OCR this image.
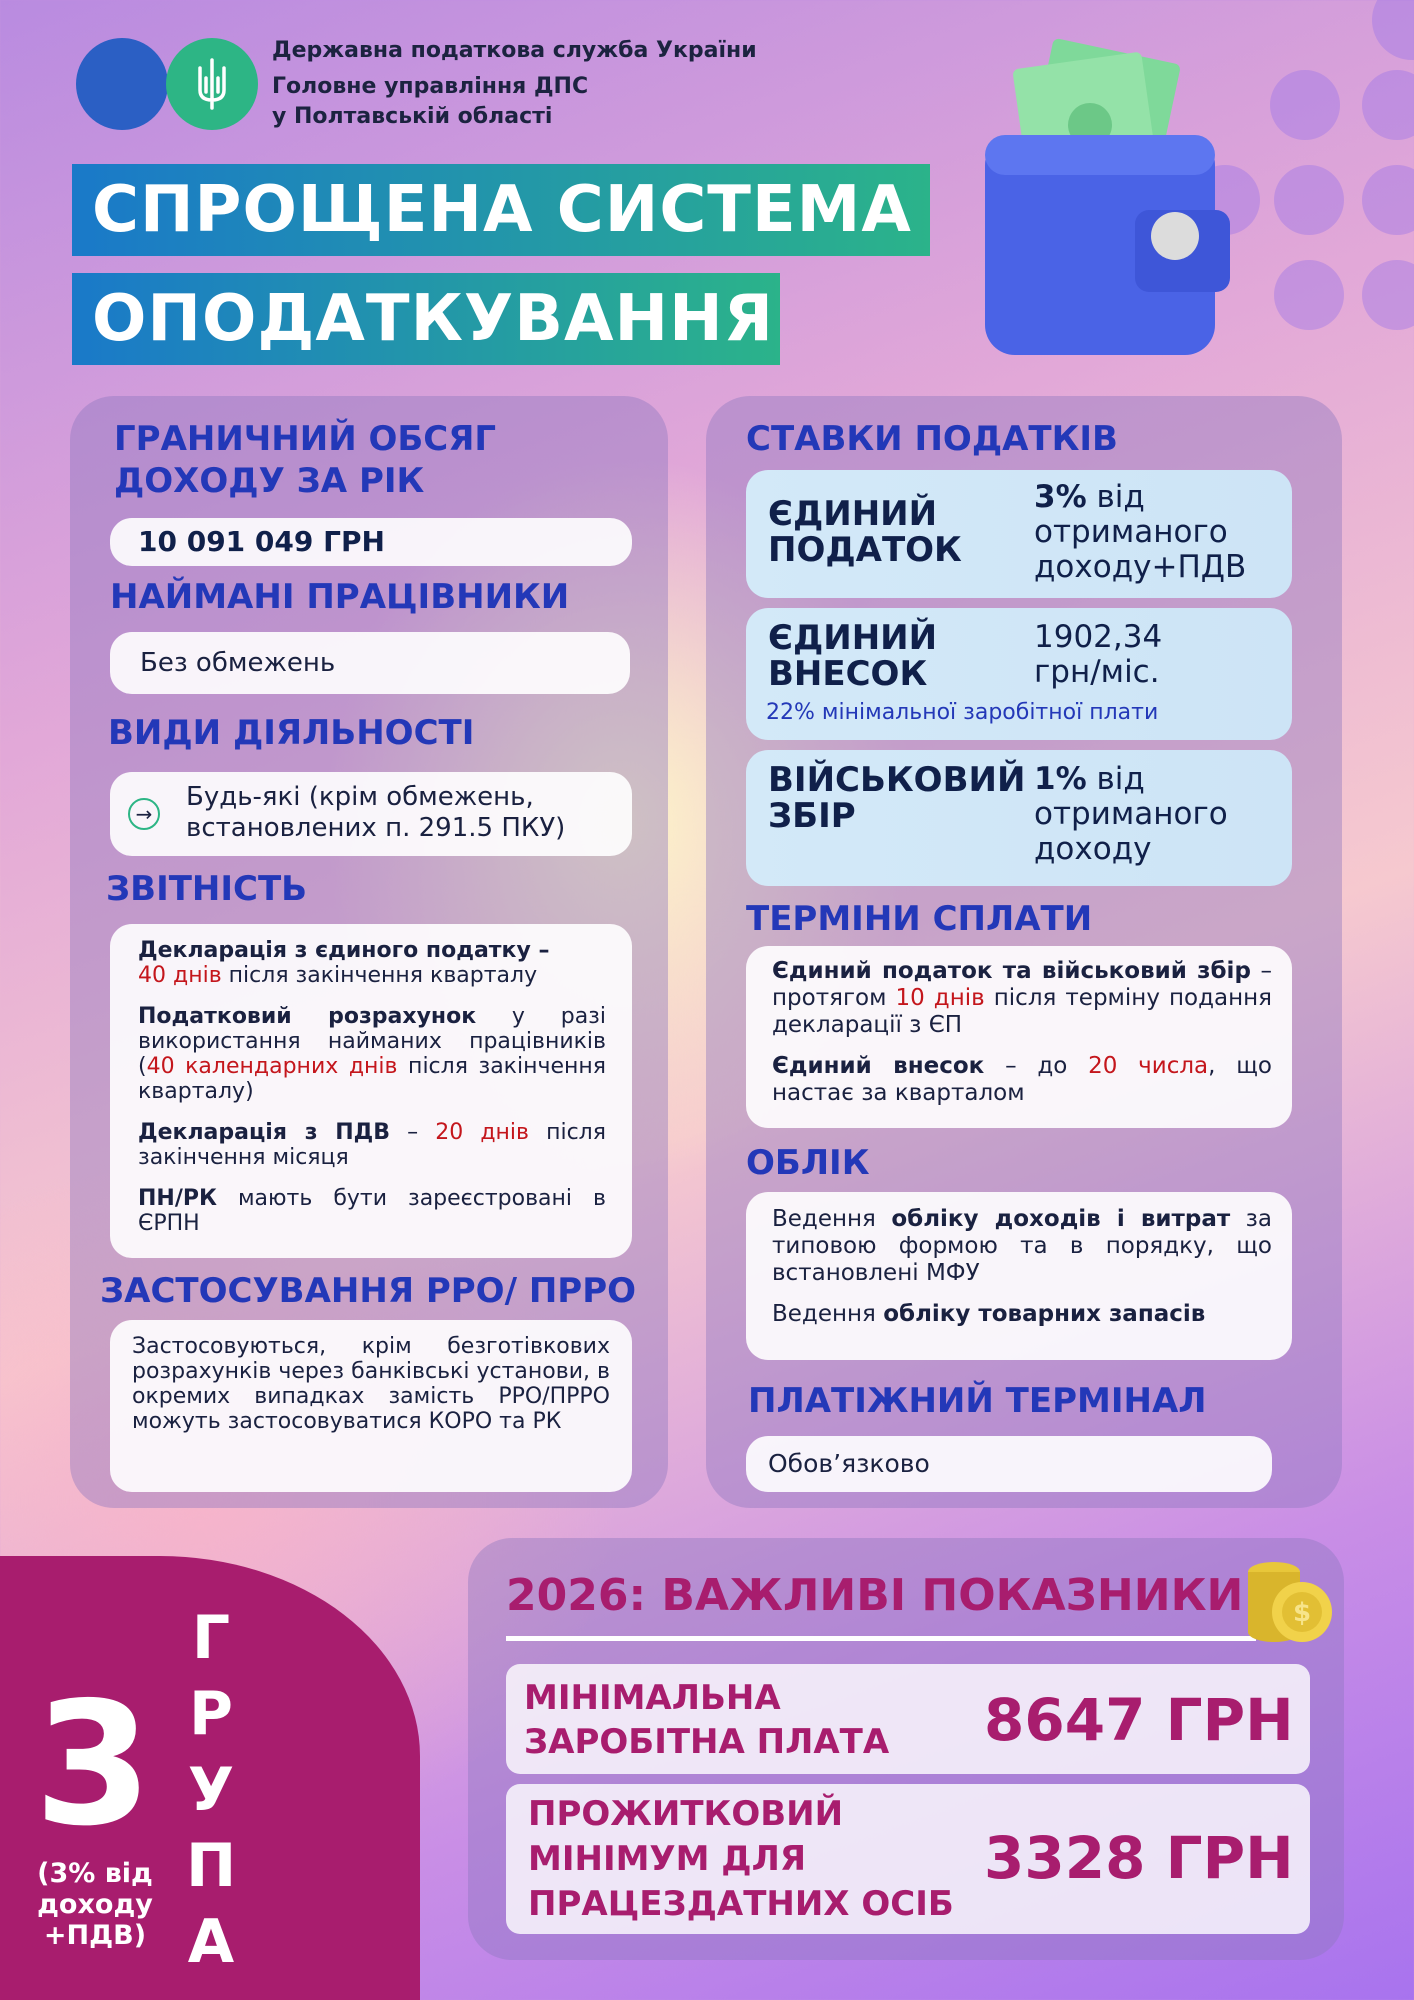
Державна податкова служба України
Головне управління ДПС
у Полтавській області
СПРОЩЕНА СИСТЕМА
ОПОДАТКУВАННЯ
ГРАНИЧНИЙ ОБСЯГ
ДОХОДУ ЗА РІК
10 091 049 ГРН
НАЙМАНІ ПРАЦІВНИКИ
Без обмежень
ВИДИ ДІЯЛЬНОСТІ
→
Будь-які (крім обмежень,
встановлених п. 291.5 ПКУ)
ЗВІТНІСТЬ
Декларація з єдиного податку –
40 днів після закінчення кварталу
Податковий розрахунок у разі використання найманих працівників (40 календарних днів після закінчення кварталу)
Декларація з ПДВ – 20 днів після закінчення місяця
ПН/РК мають бути зареєстровані в ЄРПН
ЗАСТОСУВАННЯ РРО/ ПРРО
Застосовуються, крім безготівкових розрахунків через банківські установи, в окремих випадках замість РРО/ПРРО можуть застосовуватися КОРО та РК
СТАВКИ ПОДАТКІВ
ЄДИНИЙ
ПОДАТОК
3% від
отриманого
доходу+ПДВ
ЄДИНИЙ
ВНЕСОК
1902,34
грн/міс.
22% мінімальної заробітної плати
ВІЙСЬКОВИЙ
ЗБІР
1% від
отриманого
доходу
ТЕРМІНИ СПЛАТИ
Єдиний податок та військовий збір – протягом 10 днів після терміну подання декларації з ЄП
Єдиний внесок – до 20 числа, що настає за кварталом
ОБЛІК
Ведення обліку доходів і витрат за типовою формою та в порядку, що встановлені МФУ
Ведення обліку товарних запасів
ПЛАТІЖНИЙ ТЕРМІНАЛ
Обов’язково
3
Г
Р
У
П
А
(3% від
доходу
+ПДВ)
2026: ВАЖЛИВІ ПОКАЗНИКИ $
МІНІМАЛЬНА
ЗАРОБІТНА ПЛАТА 8647 ГРН
ПРОЖИТКОВИЙ
МІНІМУМ ДЛЯ
ПРАЦЕЗДАТНИХ ОСІБ
3328 ГРН
